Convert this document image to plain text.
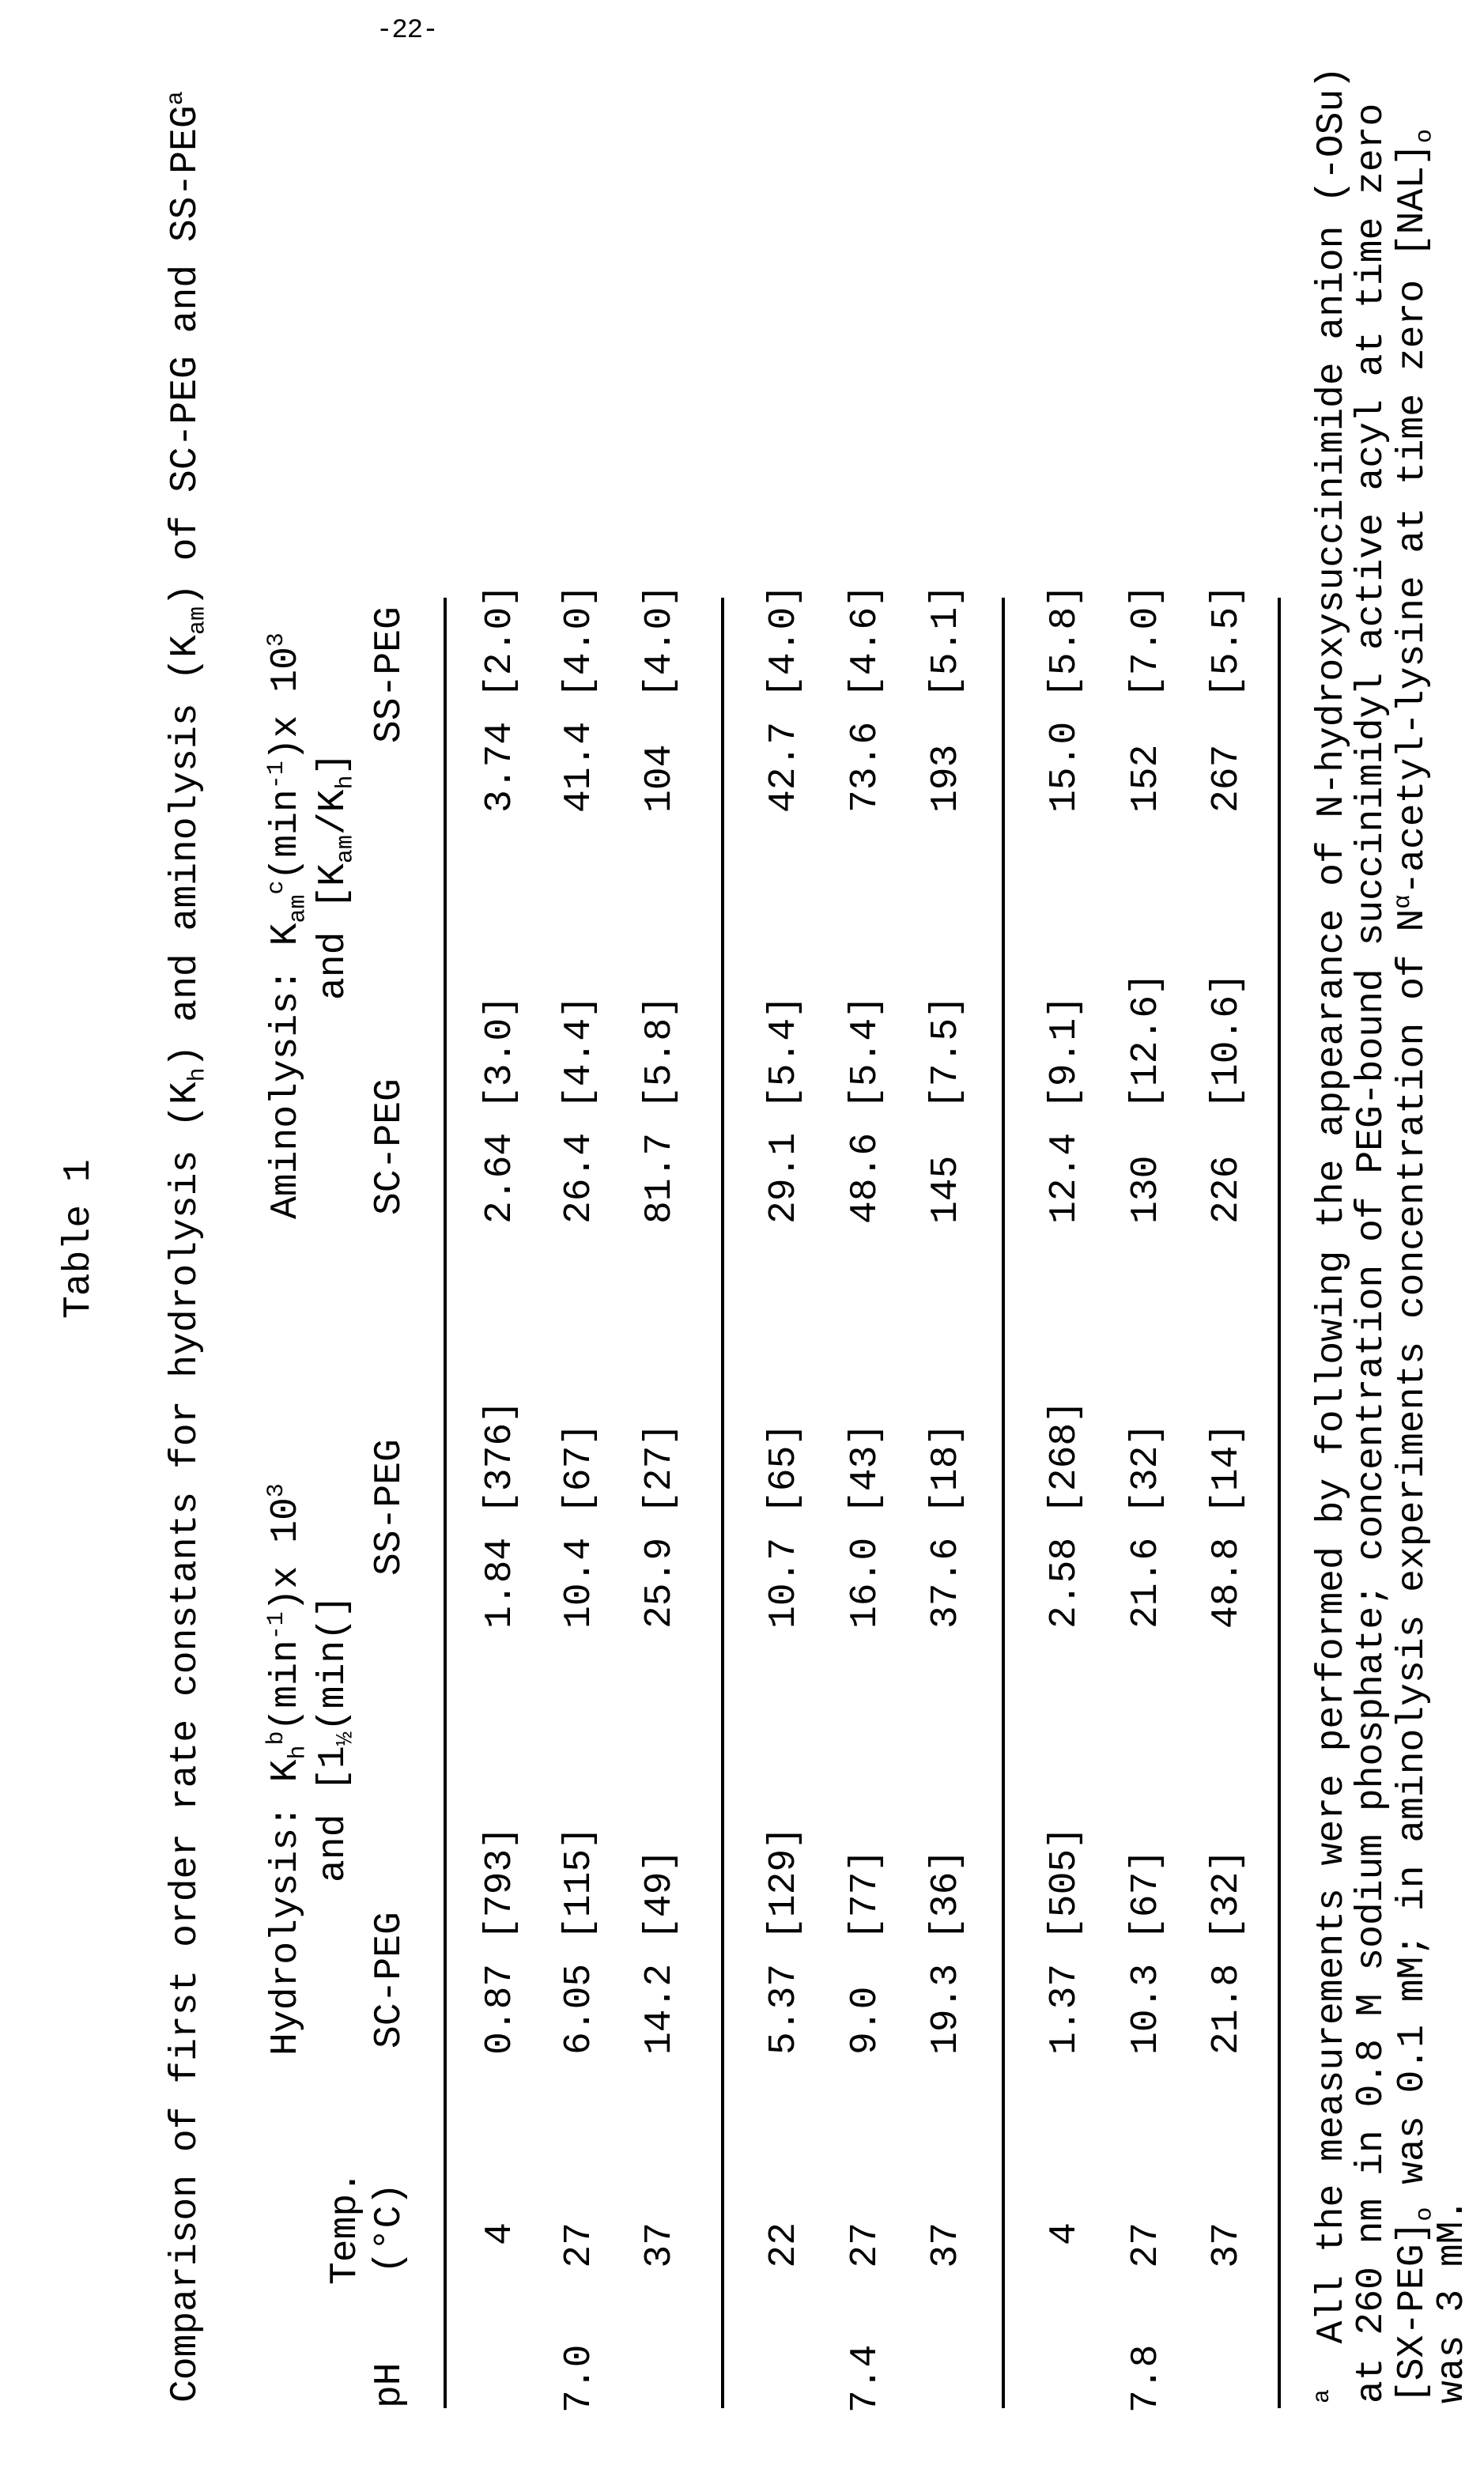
-22-
Table 1 Comparison of first order rate constants for hydrolysis (Kh) and aminolysis (Kam) of SC-PEG and SS-PEGa
Temp. (°C)
pH
Hydrolysis: Khb(min-1)x 103
and [1½(min(]
Aminolysis: Kamc(min-1)x 103
and [Kam/Kh]
SC-PEG
SS-PEG
SC-PEG
SS-PEG
4
0.87
[793]
1.84
[376]
2.64
[3.0]
3.74
[2.0]
7.0
27
6.05
[115]
10.4
[67]
26.4
[4.4]
41.4
[4.0]
37
14.2
[49]
25.9
[27]
81.7
[5.8]
104
[4.0]
22
5.37
[129]
10.7
[65]
29.1
[5.4]
42.7
[4.0]
7.4
27
9.0
[77]
16.0
[43]
48.6
[5.4]
73.6
[4.6]
37
19.3
[36]
37.6
[18]
145
[7.5]
193
[5.1]
4
1.37
[505]
2.58
[268]
12.4
[9.1]
15.0
[5.8]
7.8
27
10.3
[67]
21.6
[32]
130
[12.6]
152
[7.0]
37
21.8
[32]
48.8
[14]
226
[10.6]
267
[5.5]
a  All the measurements were performed by following the appearance of N-hydroxysuccinimide anion (-OSu)
at 260 nm in 0.8 M sodium phosphate; concentration of PEG-bound succinimidyl active acyl at time zero
[SX-PEG]o was 0.1 mM; in aminolysis experiments concentration of Nα-acetyl-lysine at time zero [NAL]o
was 3 mM.
